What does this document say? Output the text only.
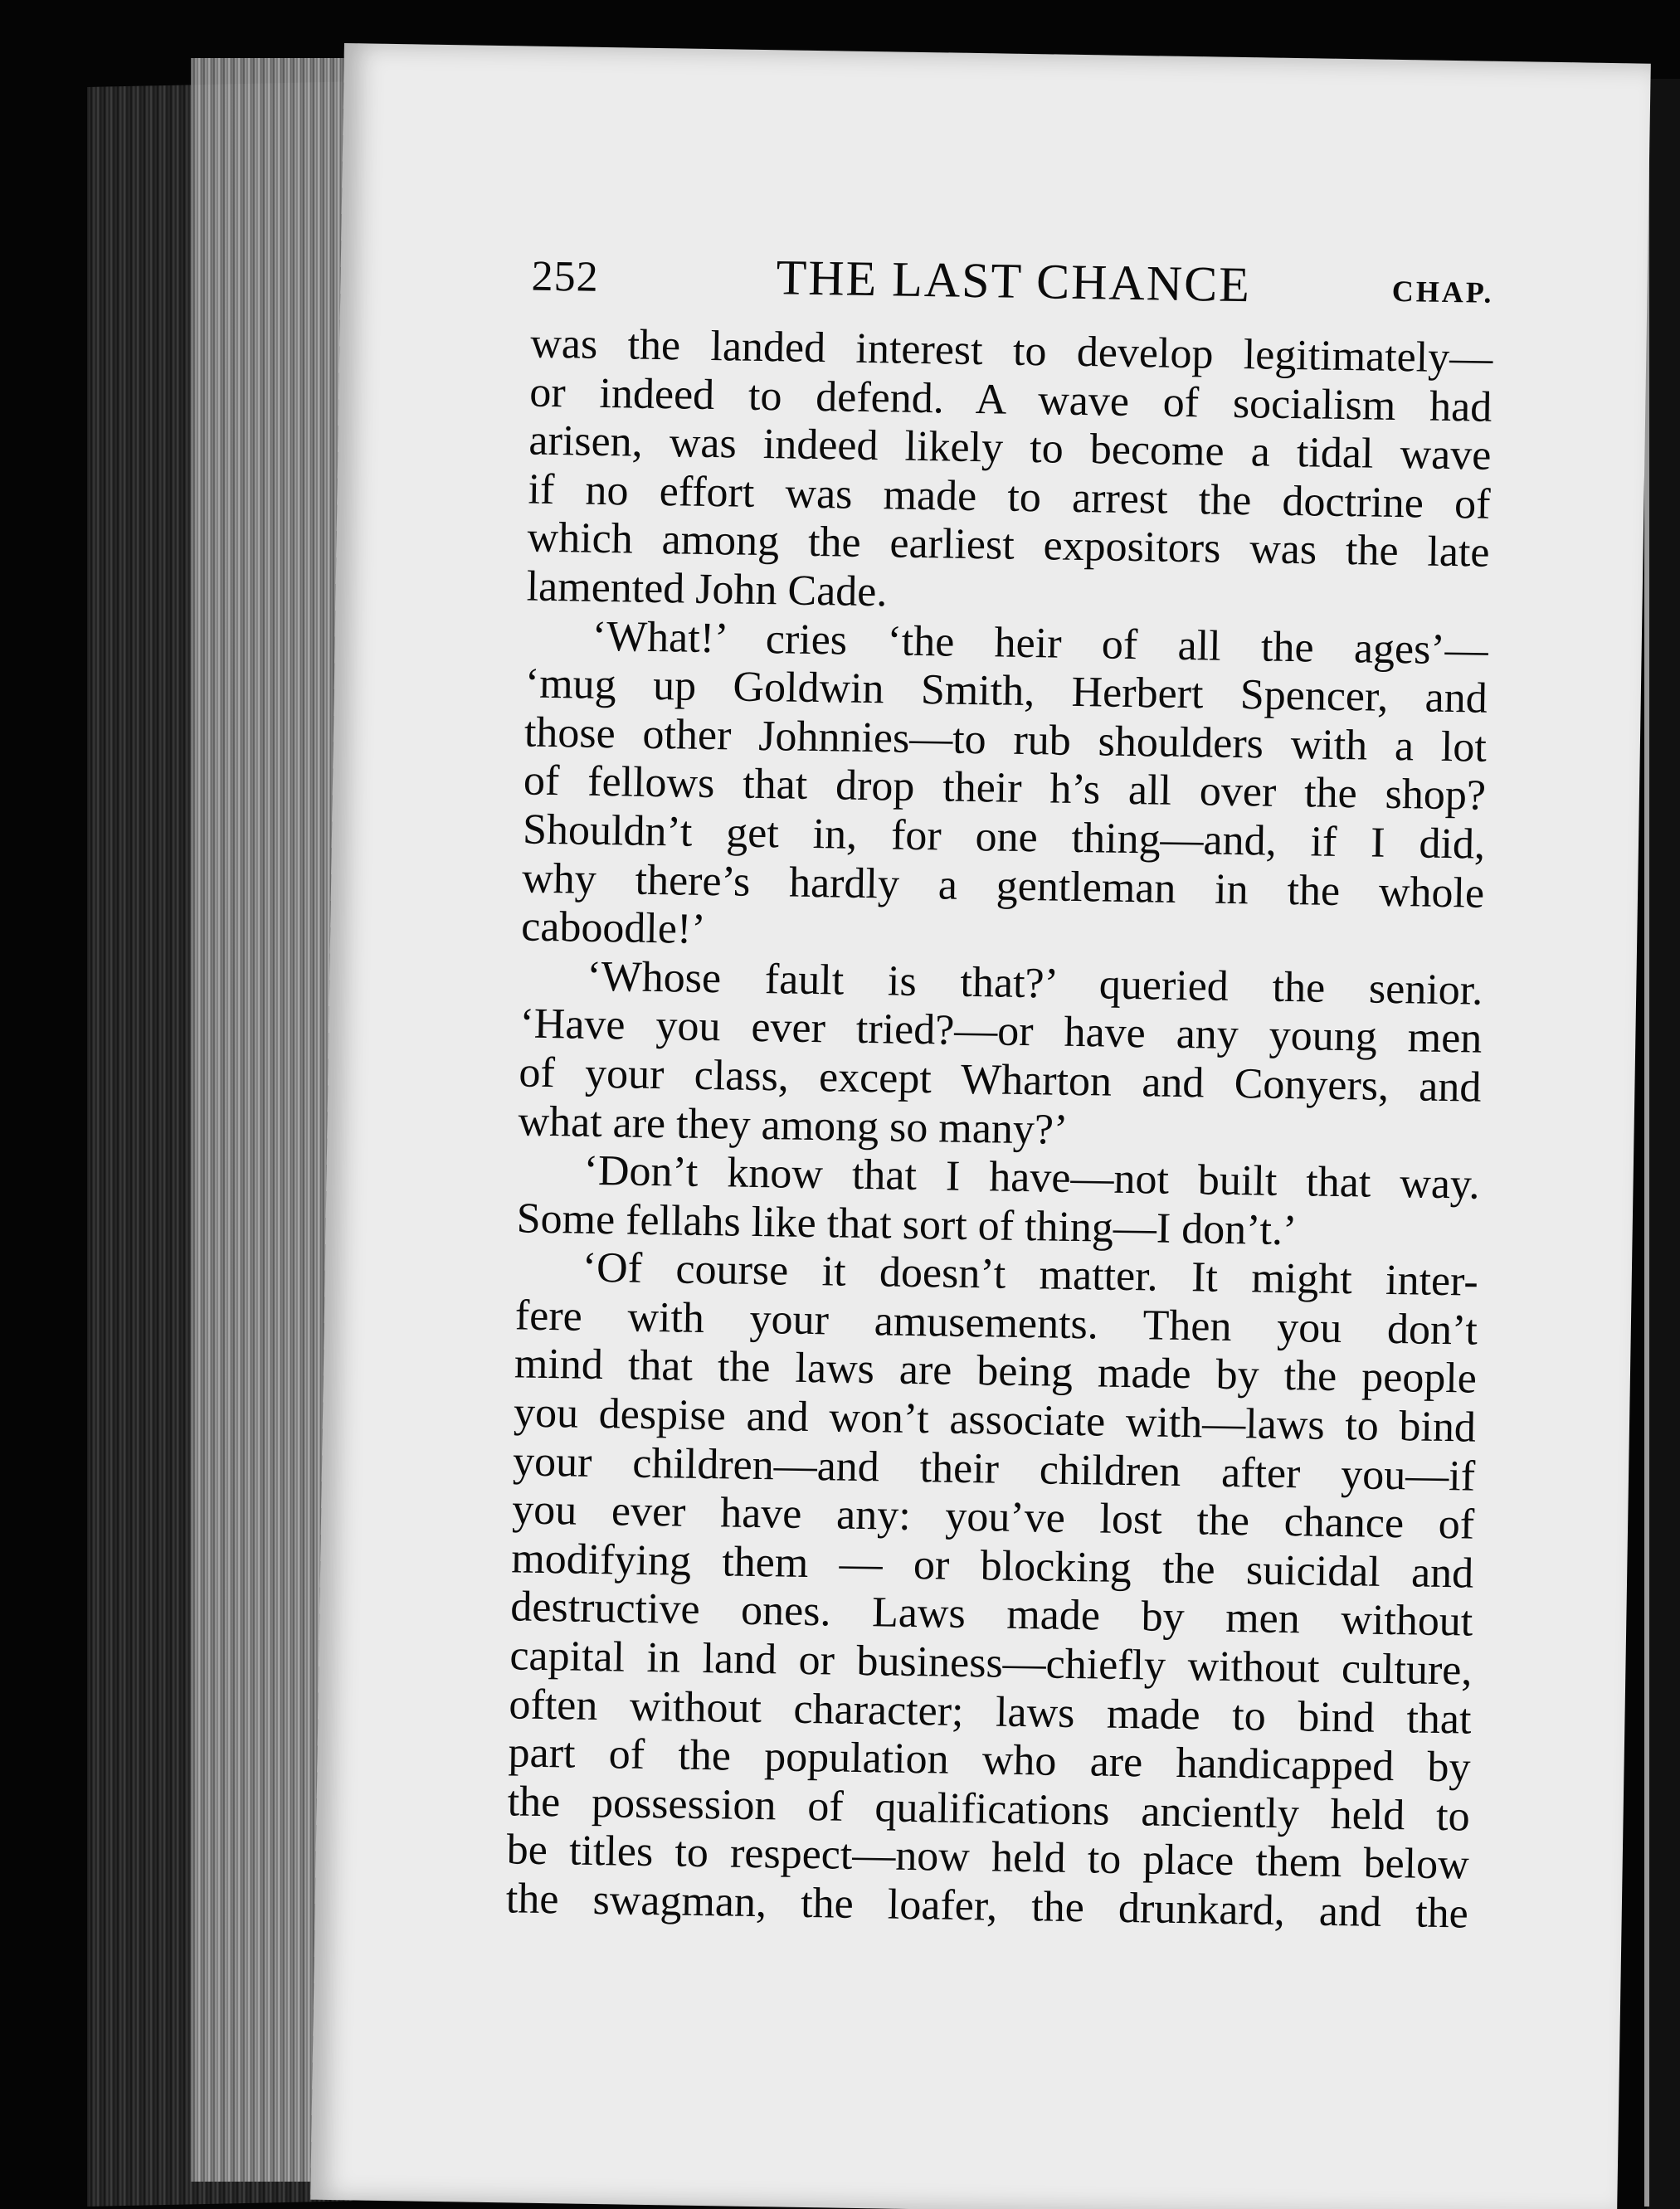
252	THE LAST CHANCE	CHAP.
was the landed interest to develop legitimately—
or indeed to defend. A wave of socialism had
arisen, was indeed likely to become a tidal wave
if no effort was made to arrest the doctrine of
which among the earliest expositors was the late
lamented John Cade.
‘What!’ cries ‘the heir of all the ages’—
‘mug up Goldwin Smith, Herbert Spencer, and
those other Johnnies—to rub shoulders with a lot
of fellows that drop their h’s all over the shop?
Shouldn’t get in, for one thing—and, if I did,
why there’s hardly a gentleman in the whole
caboodle!’
‘Whose fault is that?’ queried the senior.
‘Have you ever tried?—or have any young men
of your class, except Wharton and Conyers, and
what are they among so many?’
‘Don’t know that I have—not built that way.
Some fellahs like that sort of thing—I don’t.’
‘Of course it doesn’t matter. It might inter-
fere with your amusements. Then you don’t
mind that the laws are being made by the people
you despise and won’t associate with—laws to bind
your children—and their children after you—if
you ever have any: you’ve lost the chance of
modifying them — or blocking the suicidal and
destructive ones. Laws made by men without
capital in land or business—chiefly without culture,
often without character; laws made to bind that
part of the population who are handicapped by
the possession of qualifications anciently held to
be titles to respect—now held to place them below
the swagman, the loafer, the drunkard, and the
